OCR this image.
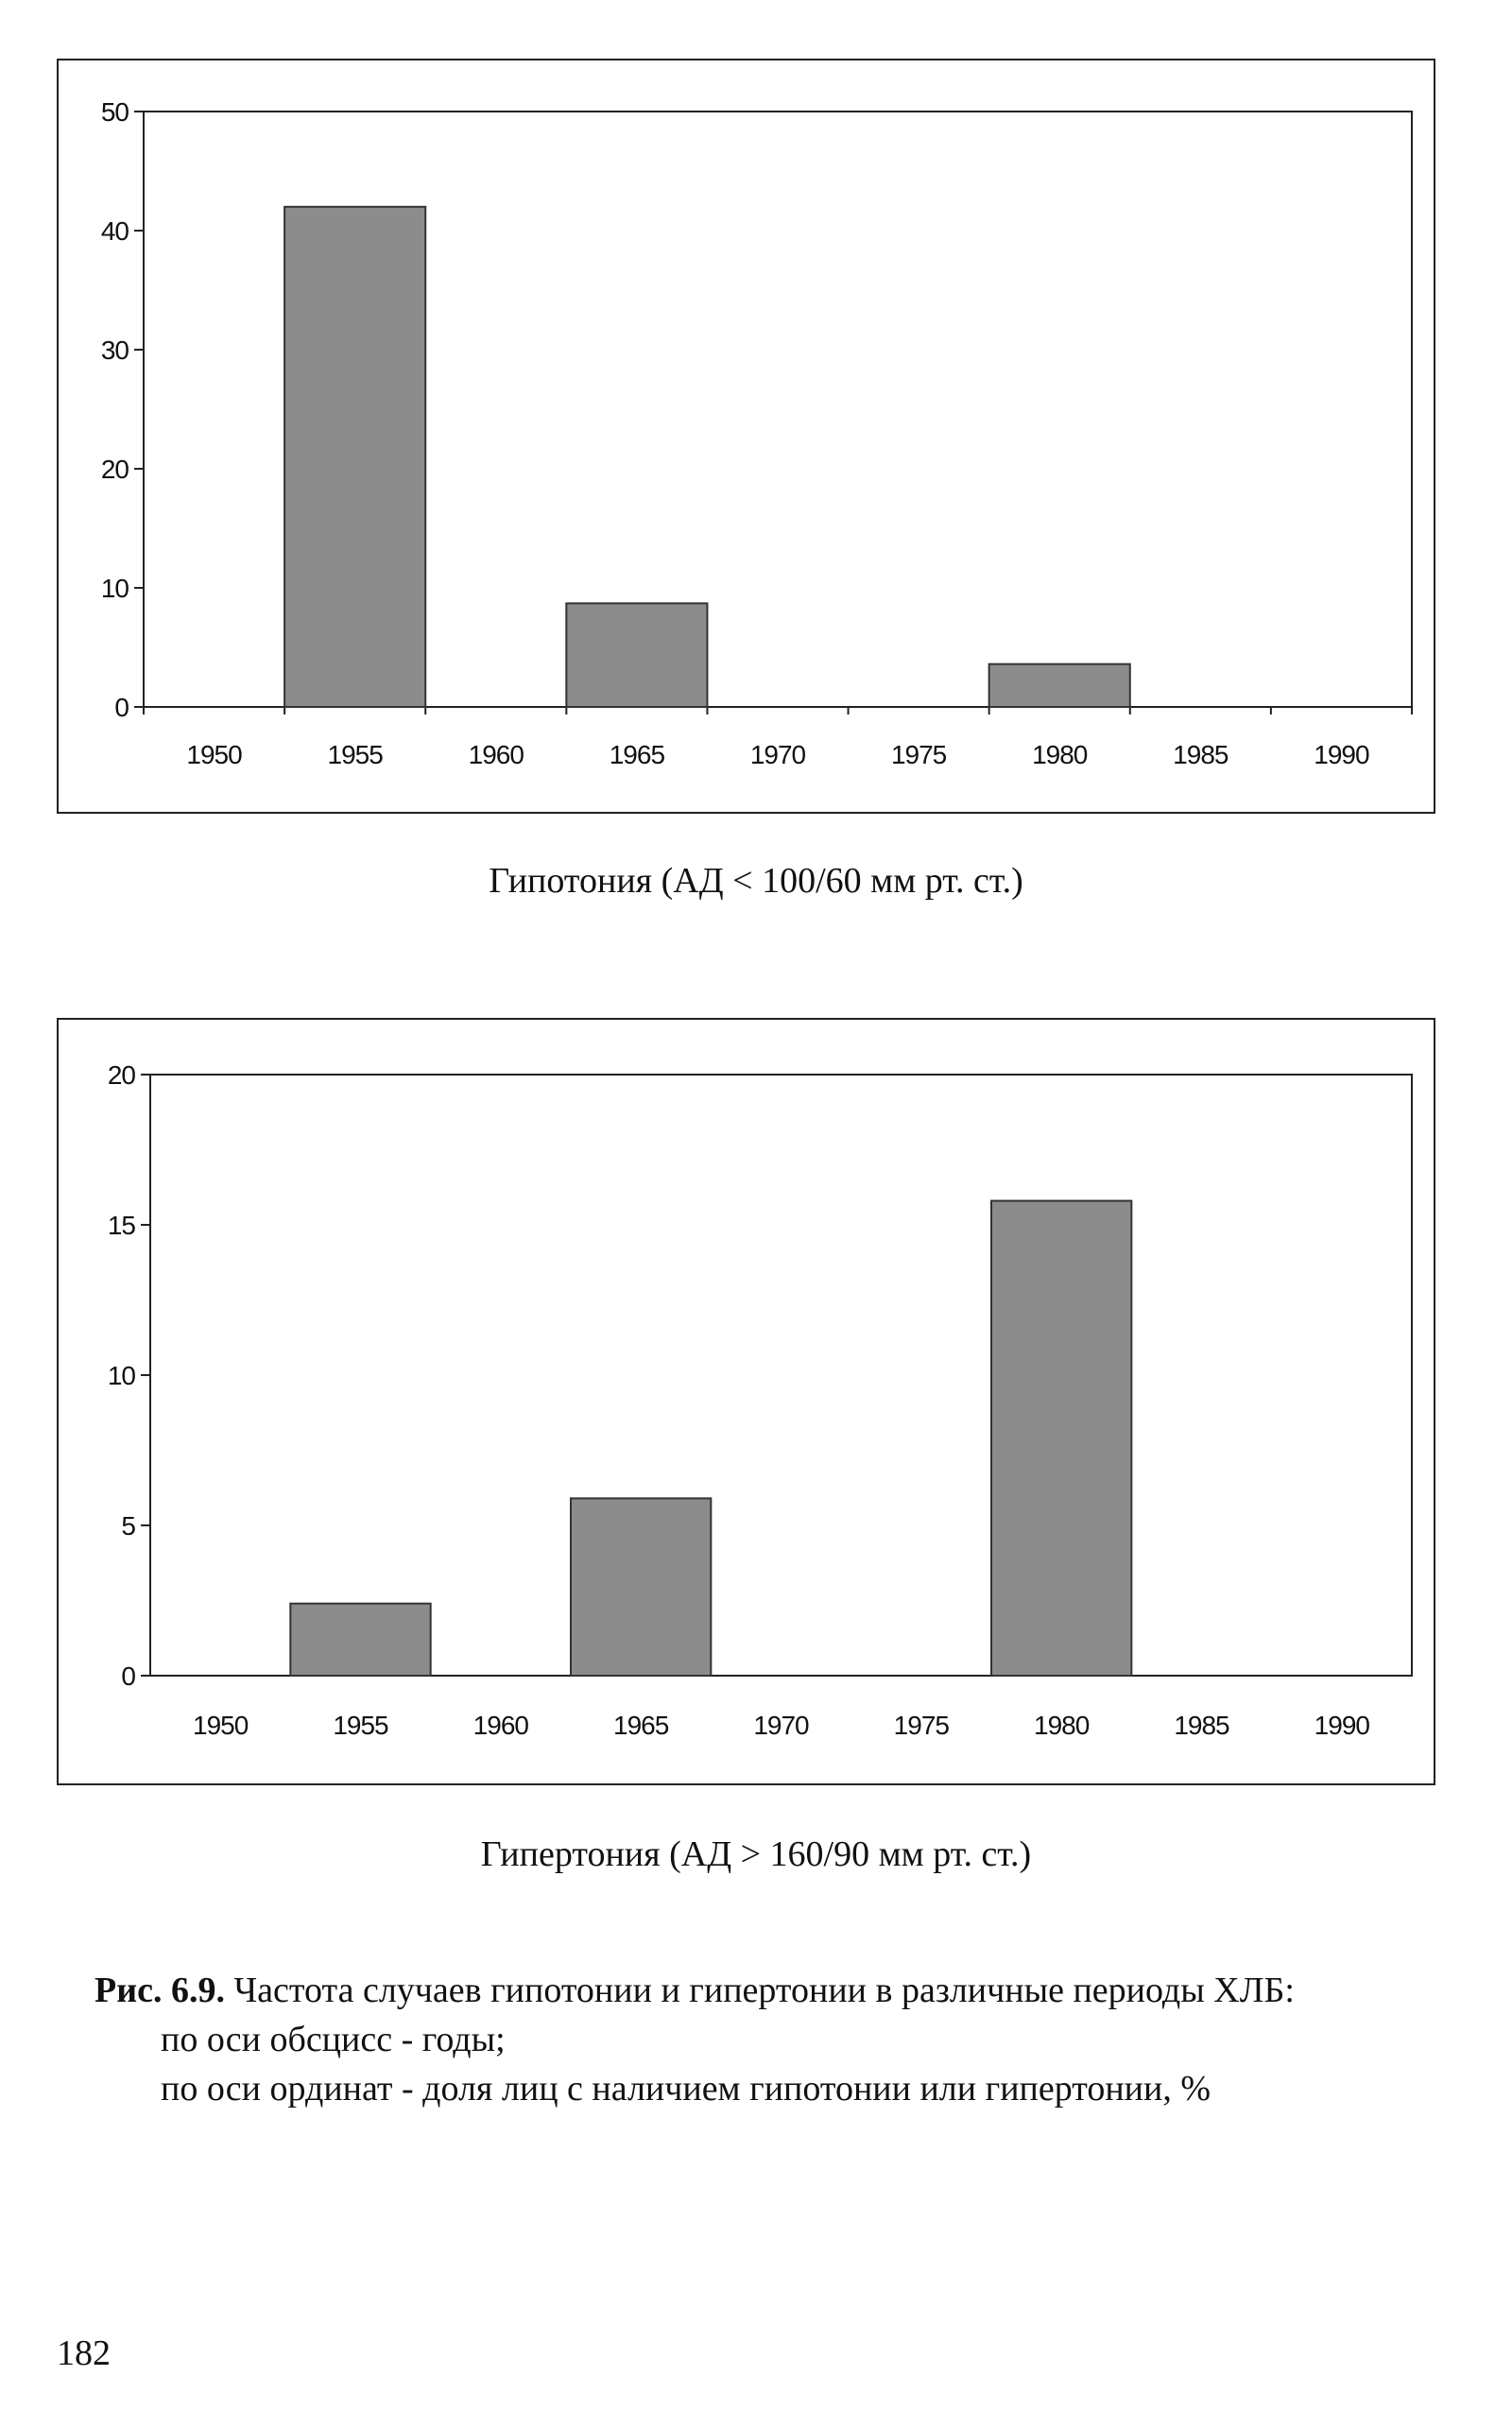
0
10
20
30
40
50
1950	1955	1960	1965	1970	1975	1980	1985	1990
Гипотония (АД < 100/60 мм рт. ст.)
0
5
10
15
20
1950	1955	1960	1965	1970	1975	1980	1985	1990
Гипертония (АД > 160/90 мм рт. ст.)
Рис. 6.9. Частота случаев гипотонии и гипертонии в различные периоды ХЛБ:
по оси обсцисс - годы;
по оси ординат - доля лиц с наличием гипотонии или гипертонии, %
182
